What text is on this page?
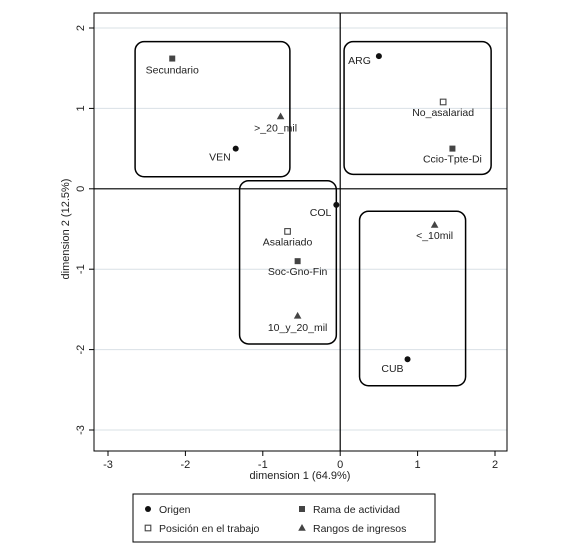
-3	-2	-1	0	1	2
-3
-2
-1
0
1
2
ARG
VEN
COL
CUB
No_asalariad
Asalariado
Secundario
Ccio-Tpte-Di
Soc-Gno-Fin
>_20_mil
<_10mil
10_y_20_mil
dimension 1 (64.9%)
dimension 2 (12.5%)
Origen	Rama de actividad
Posición en el trabajo	Rangos de ingresos
